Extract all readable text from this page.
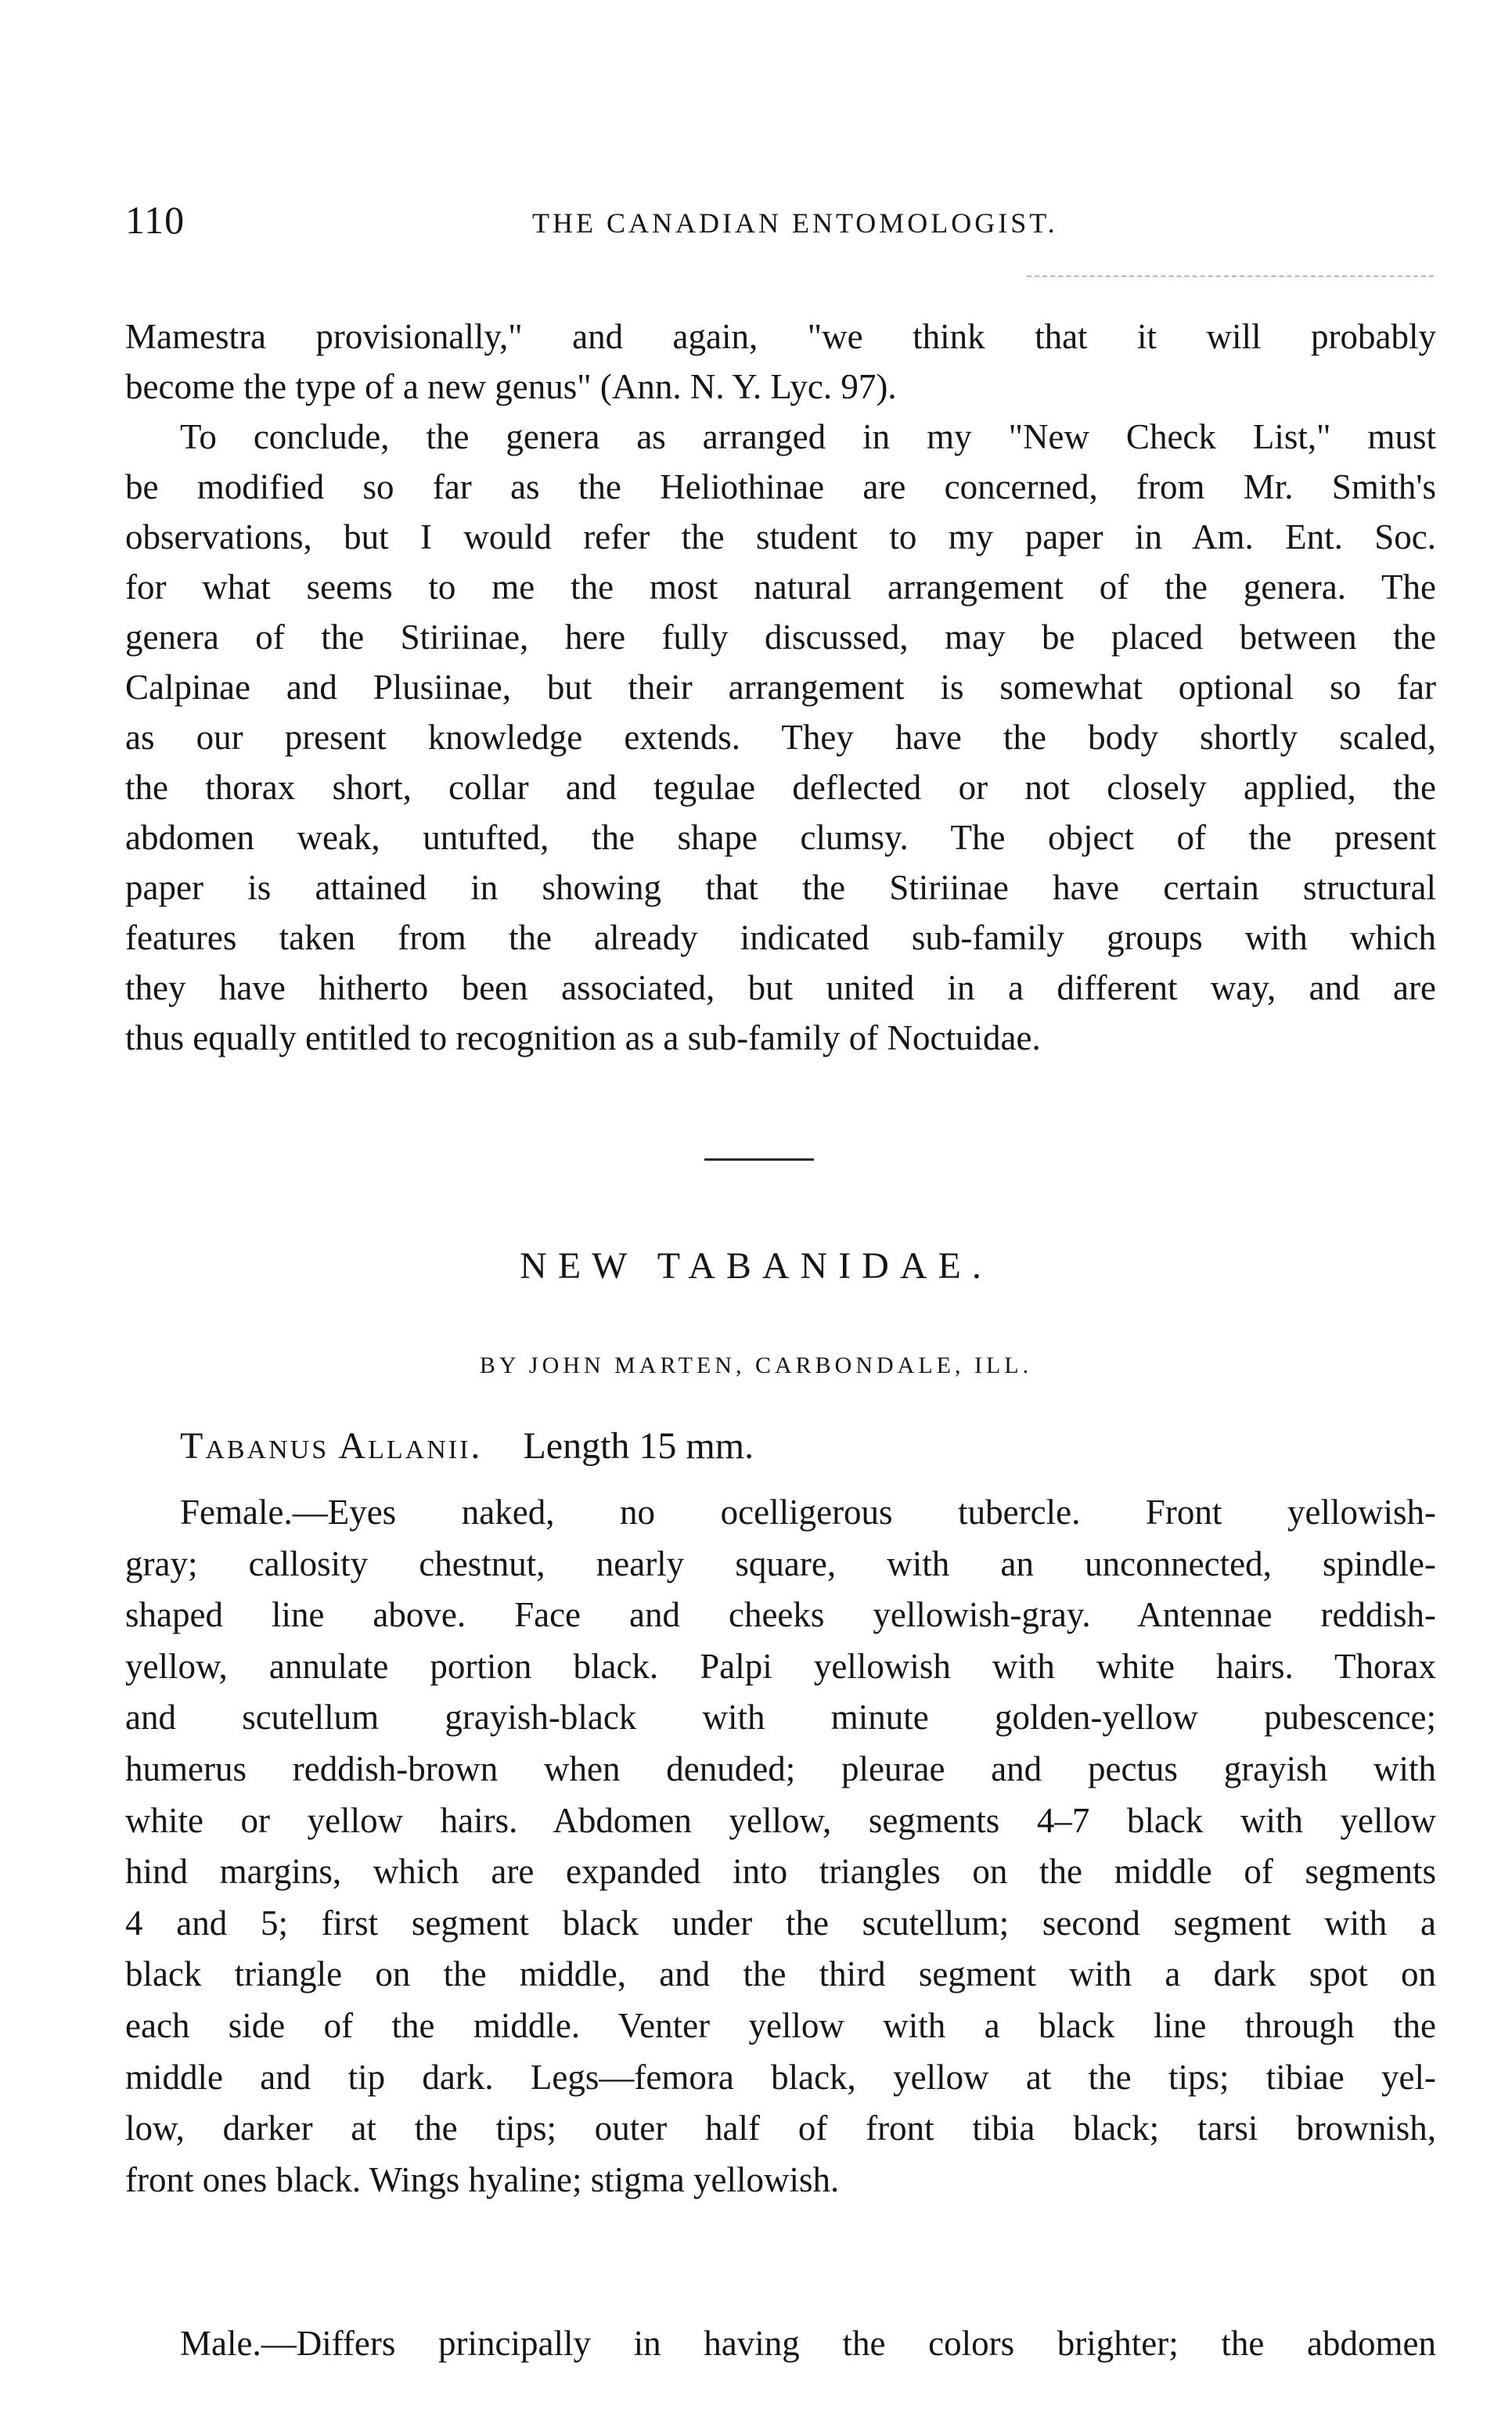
110	THE CANADIAN ENTOMOLOGIST.
Mamestra provisionally," and again, "we think that it will probably
become the type of a new genus" (Ann. N. Y. Lyc. 97).
To conclude, the genera as arranged in my "New Check List," must
be modified so far as the Heliothinae are concerned, from Mr. Smith's
observations, but I would refer the student to my paper in Am. Ent. Soc.
for what seems to me the most natural arrangement of the genera. The
genera of the Stiriinae, here fully discussed, may be placed between the
Calpinae and Plusiinae, but their arrangement is somewhat optional so far
as our present knowledge extends. They have the body shortly scaled,
the thorax short, collar and tegulae deflected or not closely applied, the
abdomen weak, untufted, the shape clumsy. The object of the present
paper is attained in showing that the Stiriinae have certain structural
features taken from the already indicated sub-family groups with which
they have hitherto been associated, but united in a different way, and are
thus equally entitled to recognition as a sub-family of Noctuidae.
NEW TABANIDAE.
BY JOHN MARTEN, CARBONDALE, ILL.
Tabanus Allanii. Length 15 mm.
Female.—Eyes naked, no ocelligerous tubercle. Front yellowish-
gray; callosity chestnut, nearly square, with an unconnected, spindle-
shaped line above. Face and cheeks yellowish-gray. Antennae reddish-
yellow, annulate portion black. Palpi yellowish with white hairs. Thorax
and scutellum grayish-black with minute golden-yellow pubescence;
humerus reddish-brown when denuded; pleurae and pectus grayish with
white or yellow hairs. Abdomen yellow, segments 4–7 black with yellow
hind margins, which are expanded into triangles on the middle of segments
4 and 5; first segment black under the scutellum; second segment with a
black triangle on the middle, and the third segment with a dark spot on
each side of the middle. Venter yellow with a black line through the
middle and tip dark. Legs—femora black, yellow at the tips; tibiae yel-
low, darker at the tips; outer half of front tibia black; tarsi brownish,
front ones black. Wings hyaline; stigma yellowish.
Male.—Differs principally in having the colors brighter; the abdomen
